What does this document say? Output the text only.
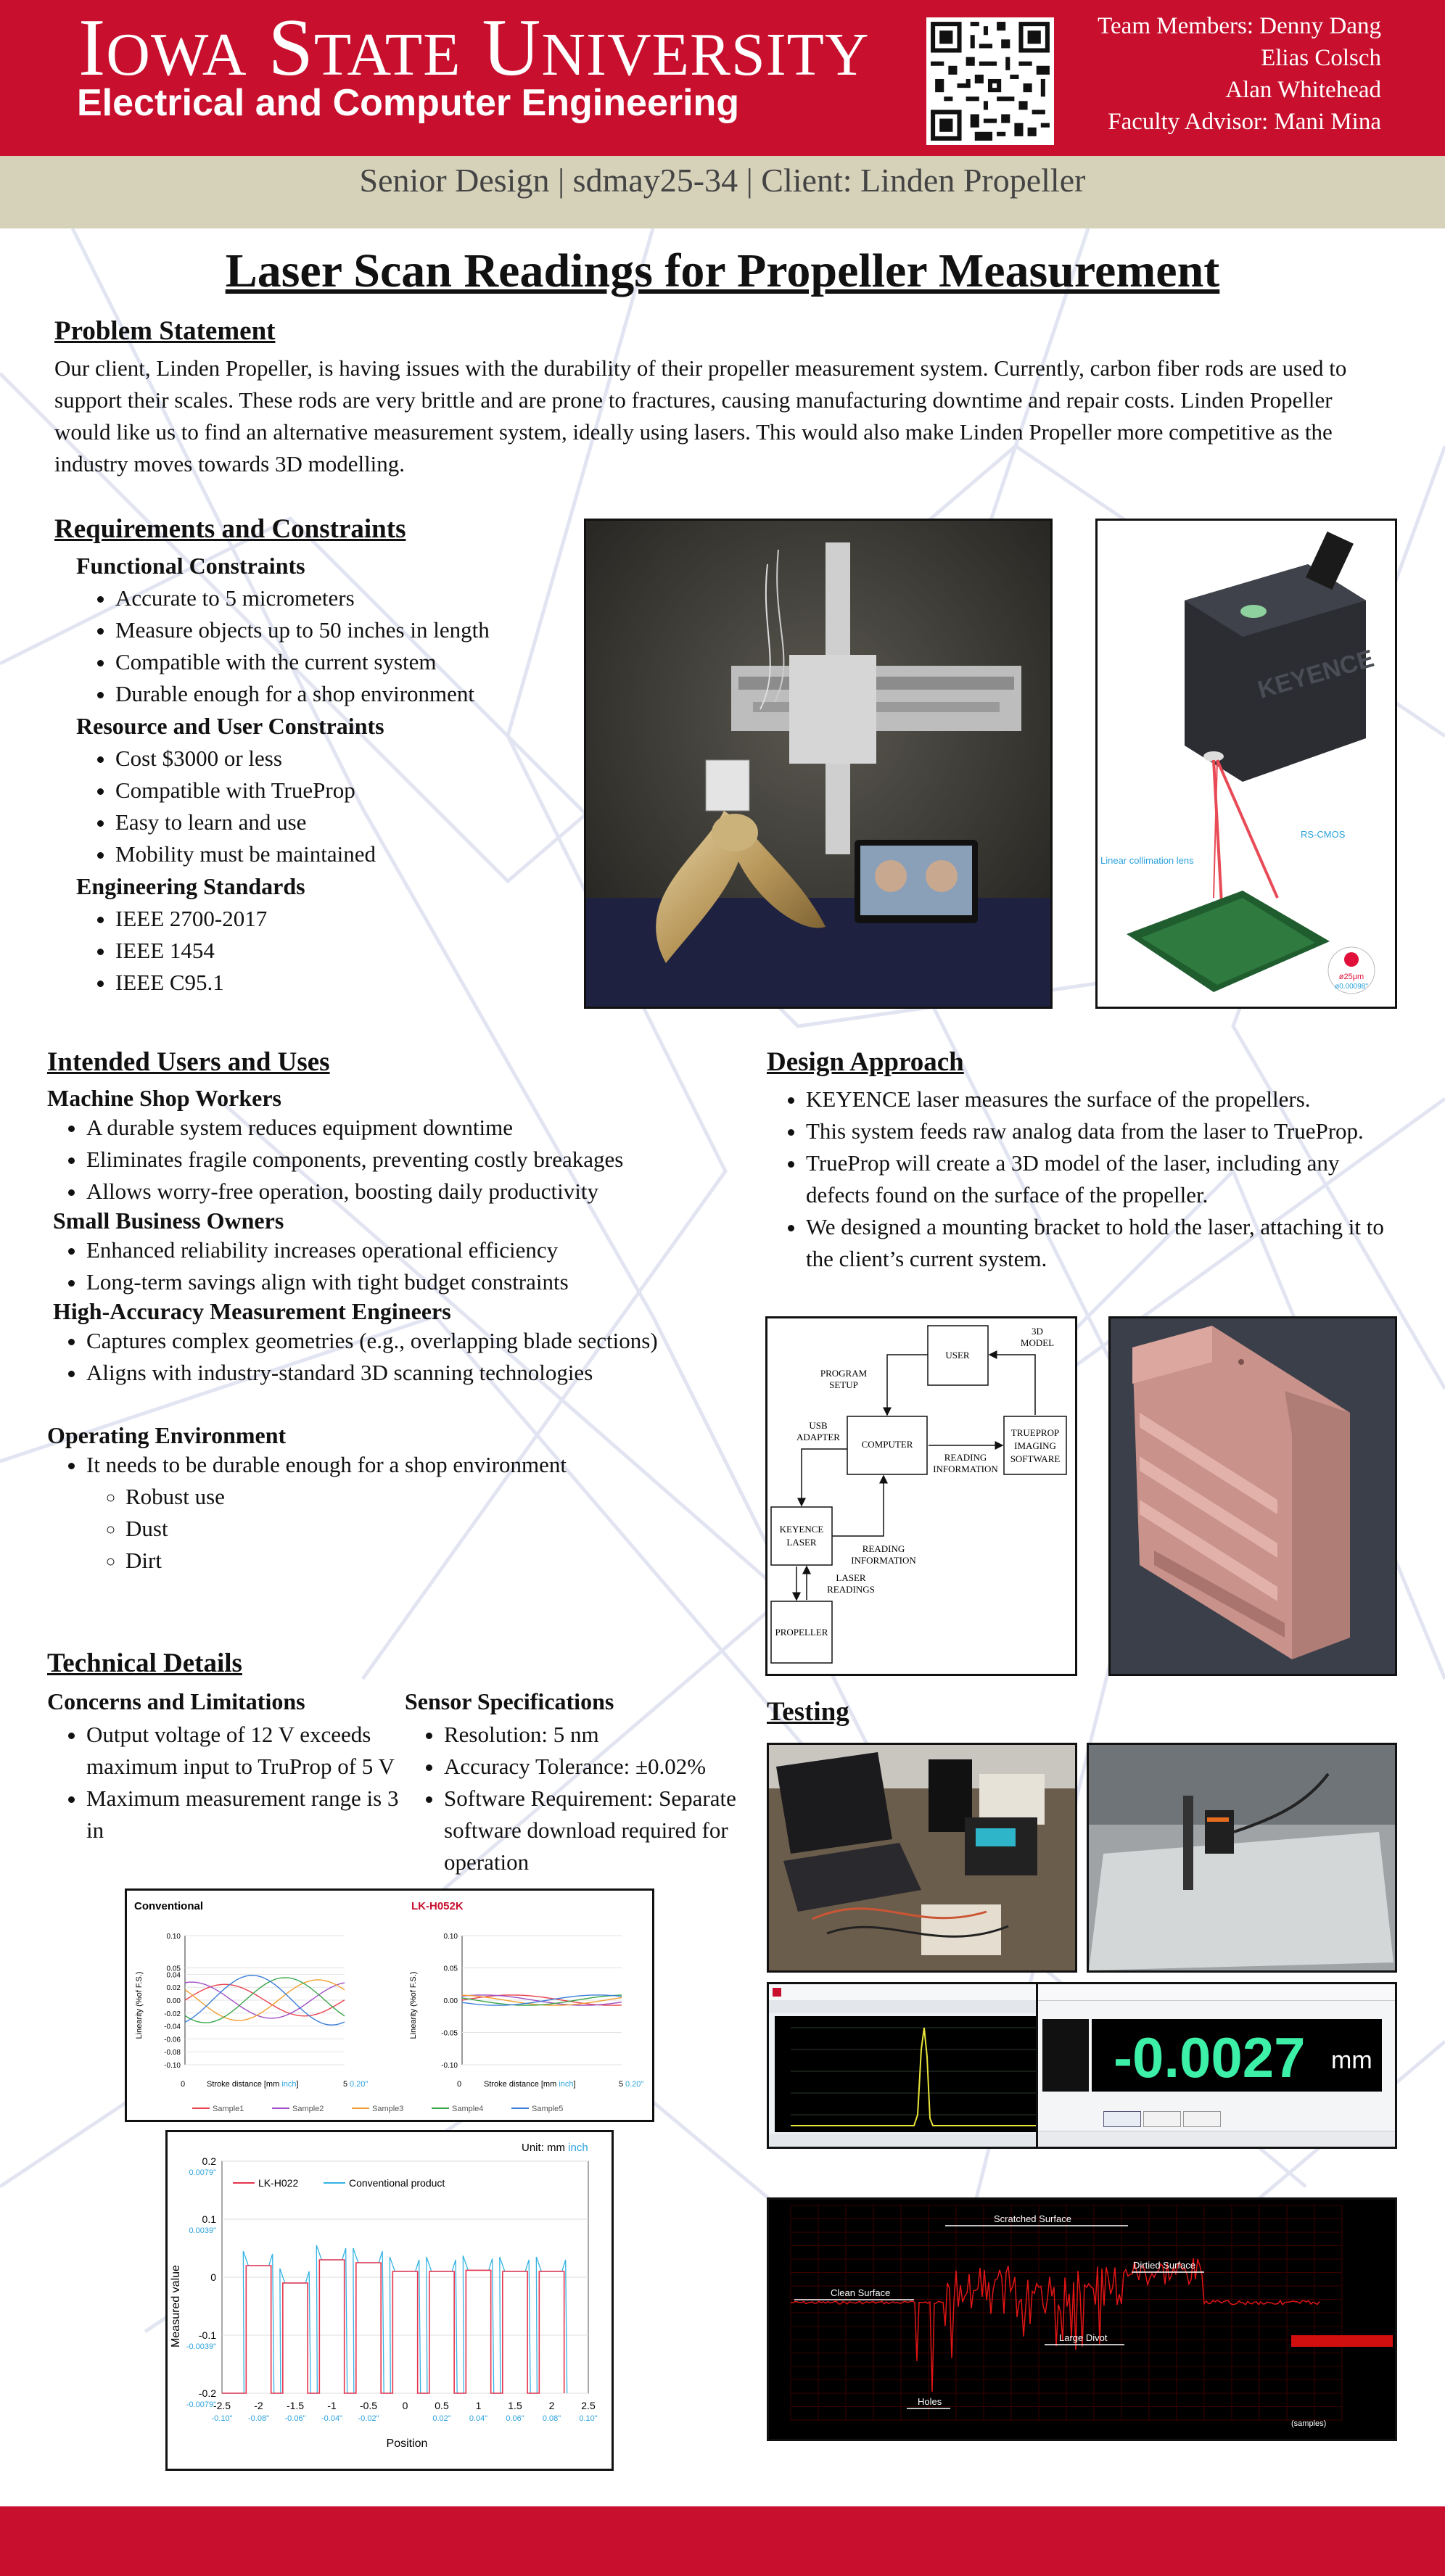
IOWA STATE UNIVERSITY
Electrical and Computer Engineering
Team Members: Denny Dang
Elias Colsch
Alan Whitehead
Faculty Advisor: Mani Mina
Senior Design | sdmay25-34 | Client: Linden Propeller
Laser Scan Readings for Propeller Measurement
Problem Statement
Our client, Linden Propeller, is having issues with the durability of their propeller measurement system. Currently, carbon fiber rods are used to support their scales. These rods are very brittle and are prone to fractures, causing manufacturing downtime and repair costs. Linden Propeller would like us to find an alternative measurement system, ideally using lasers. This would also make Linden Propeller more competitive as the industry moves towards 3D modelling.
Requirements and Constraints
Functional Constraints
• Accurate to 5 micrometers
• Measure objects up to 50 inches in length
• Compatible with the current system
• Durable enough for a shop environment
Resource and User Constraints
• Cost $3000 or less
• Compatible with TrueProp
• Easy to learn and use
• Mobility must be maintained
Engineering Standards
• IEEE 2700-2017
• IEEE 1454
• IEEE C95.1
KEYENCE
Linear collimation lens
RS-CMOS
ø25μm
ø0.00098"
Intended Users and Uses
Machine Shop Workers
• A durable system reduces equipment downtime
• Eliminates fragile components, preventing costly breakages
• Allows worry-free operation, boosting daily productivity
Small Business Owners
• Enhanced reliability increases operational efficiency
• Long-term savings align with tight budget constraints
High-Accuracy Measurement Engineers
• Captures complex geometries (e.g., overlapping blade sections)
• Aligns with industry-standard 3D scanning technologies
Operating Environment
• It needs to be durable enough for a shop environment
◦ Robust use
◦ Dust
◦ Dirt
Design Approach
• KEYENCE laser measures the surface of the propellers.
• This system feeds raw analog data from the laser to TrueProp.
• TrueProp will create a 3D model of the laser, including any defects found on the surface of the propeller.
• We designed a mounting bracket to hold the laser, attaching it to the client’s current system.
USER
COMPUTER
TRUEPROP
IMAGING
SOFTWARE
KEYENCE
LASER
PROPELLER
PROGRAM
SETUP
3D
MODEL
USB
ADAPTER
READING
INFORMATION
READING
INFORMATION
LASER
READINGS
Technical Details
Concerns and Limitations
• Output voltage of 12 V exceeds maximum input to TruProp of 5 V
• Maximum measurement range is 3 in
Sensor Specifications
• Resolution: 5 nm
• Accuracy Tolerance: ±0.02%
• Software Requirement: Separate software download required for operation
Conventional	LK-H052K
0.10
0.05
0.04
0.02
0.00
-0.02
-0.04
-0.06
-0.08
-0.10
0.10
0.05
0.00
-0.05
-0.10
Linearity (%of F.S.)	Linearity (%of F.S.)
Stroke distance [mm inch]	Stroke distance [mm inch]
0	0
5 0.20"	5 0.20"
Sample1	Sample2	Sample3	Sample4	Sample5
Unit: mm inch
0.2
0.0079"
0.1
0.0039"
0
-0.1
-0.0039"
-0.2
-0.0079"
-2.5
-0.10"
-2
-0.08"
-1.5
-0.06"
-1
-0.04"
-0.5
-0.02"
0	0.5
0.02"
1
0.04"
1.5
0.06"
2
0.08"
2.5
0.10"
LK-H022	Conventional product
Measured value
Position
Testing
-0.0027 mm
Scratched Surface
Dirtied Surface
Clean Surface
Large Divot
Holes
(samples)
